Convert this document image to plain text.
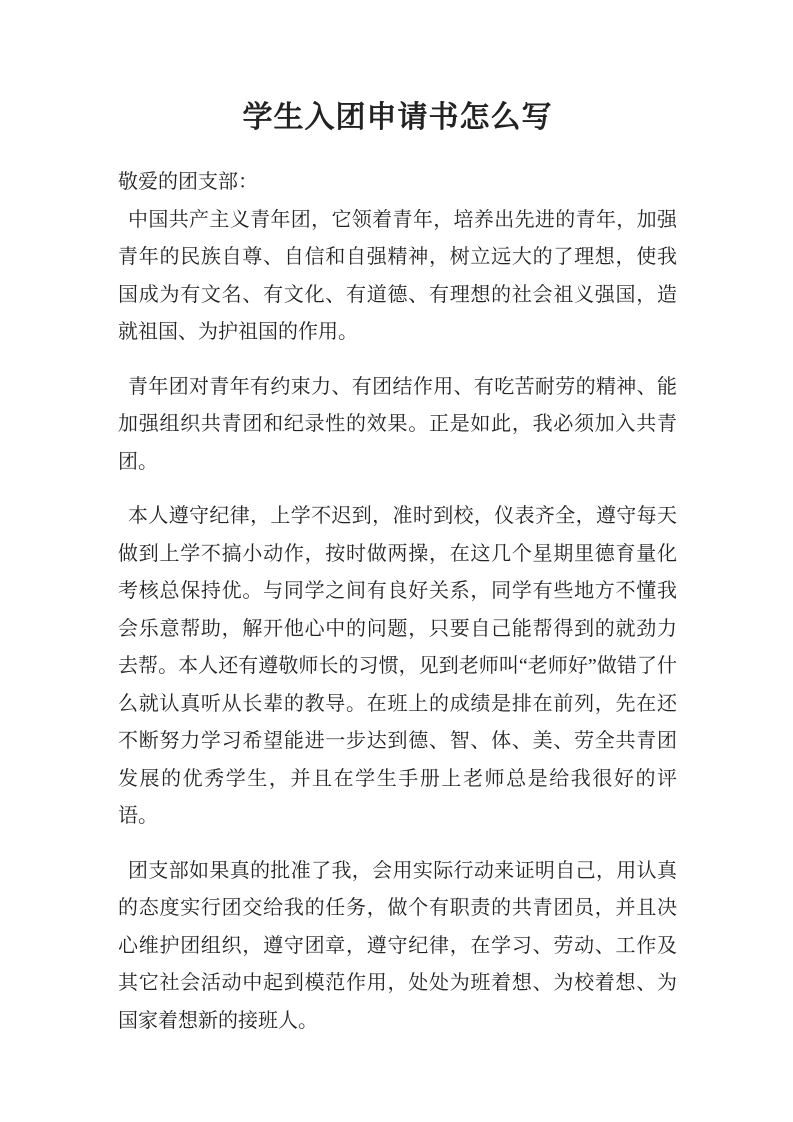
学生入团申请书怎么写
敬爱的团支部：

中国共产主义青年团，它领着青年，培养出先进的青年，加强青年的民族自尊、自信和自强精神，树立远大的了理想，使我国成为有文名、有文化、有道德、有理想的社会祖义强国，造就祖国、为护祖国的作用。

青年团对青年有约束力、有团结作用、有吃苦耐劳的精神、能加强组织共青团和纪录性的效果。正是如此，我必须加入共青团。

本人遵守纪律，上学不迟到，准时到校，仪表齐全，遵守每天做到上学不搞小动作，按时做两操，在这几个星期里德育量化考核总保持优。与同学之间有良好关系，同学有些地方不懂我会乐意帮助，解开他心中的问题，只要自己能帮得到的就劲力去帮。本人还有遵敬师长的习惯，见到老师叫“老师好”做错了什么就认真听从长辈的教导。在班上的成绩是排在前列，先在还不断努力学习希望能进一步达到德、智、体、美、劳全共青团发展的优秀学生，并且在学生手册上老师总是给我很好的评语。

团支部如果真的批准了我，会用实际行动来证明自己，用认真的态度实行团交给我的任务，做个有职责的共青团员，并且决心维护团组织，遵守团章，遵守纪律，在学习、劳动、工作及其它社会活动中起到模范作用，处处为班着想、为校着想、为国家着想新的接班人。
